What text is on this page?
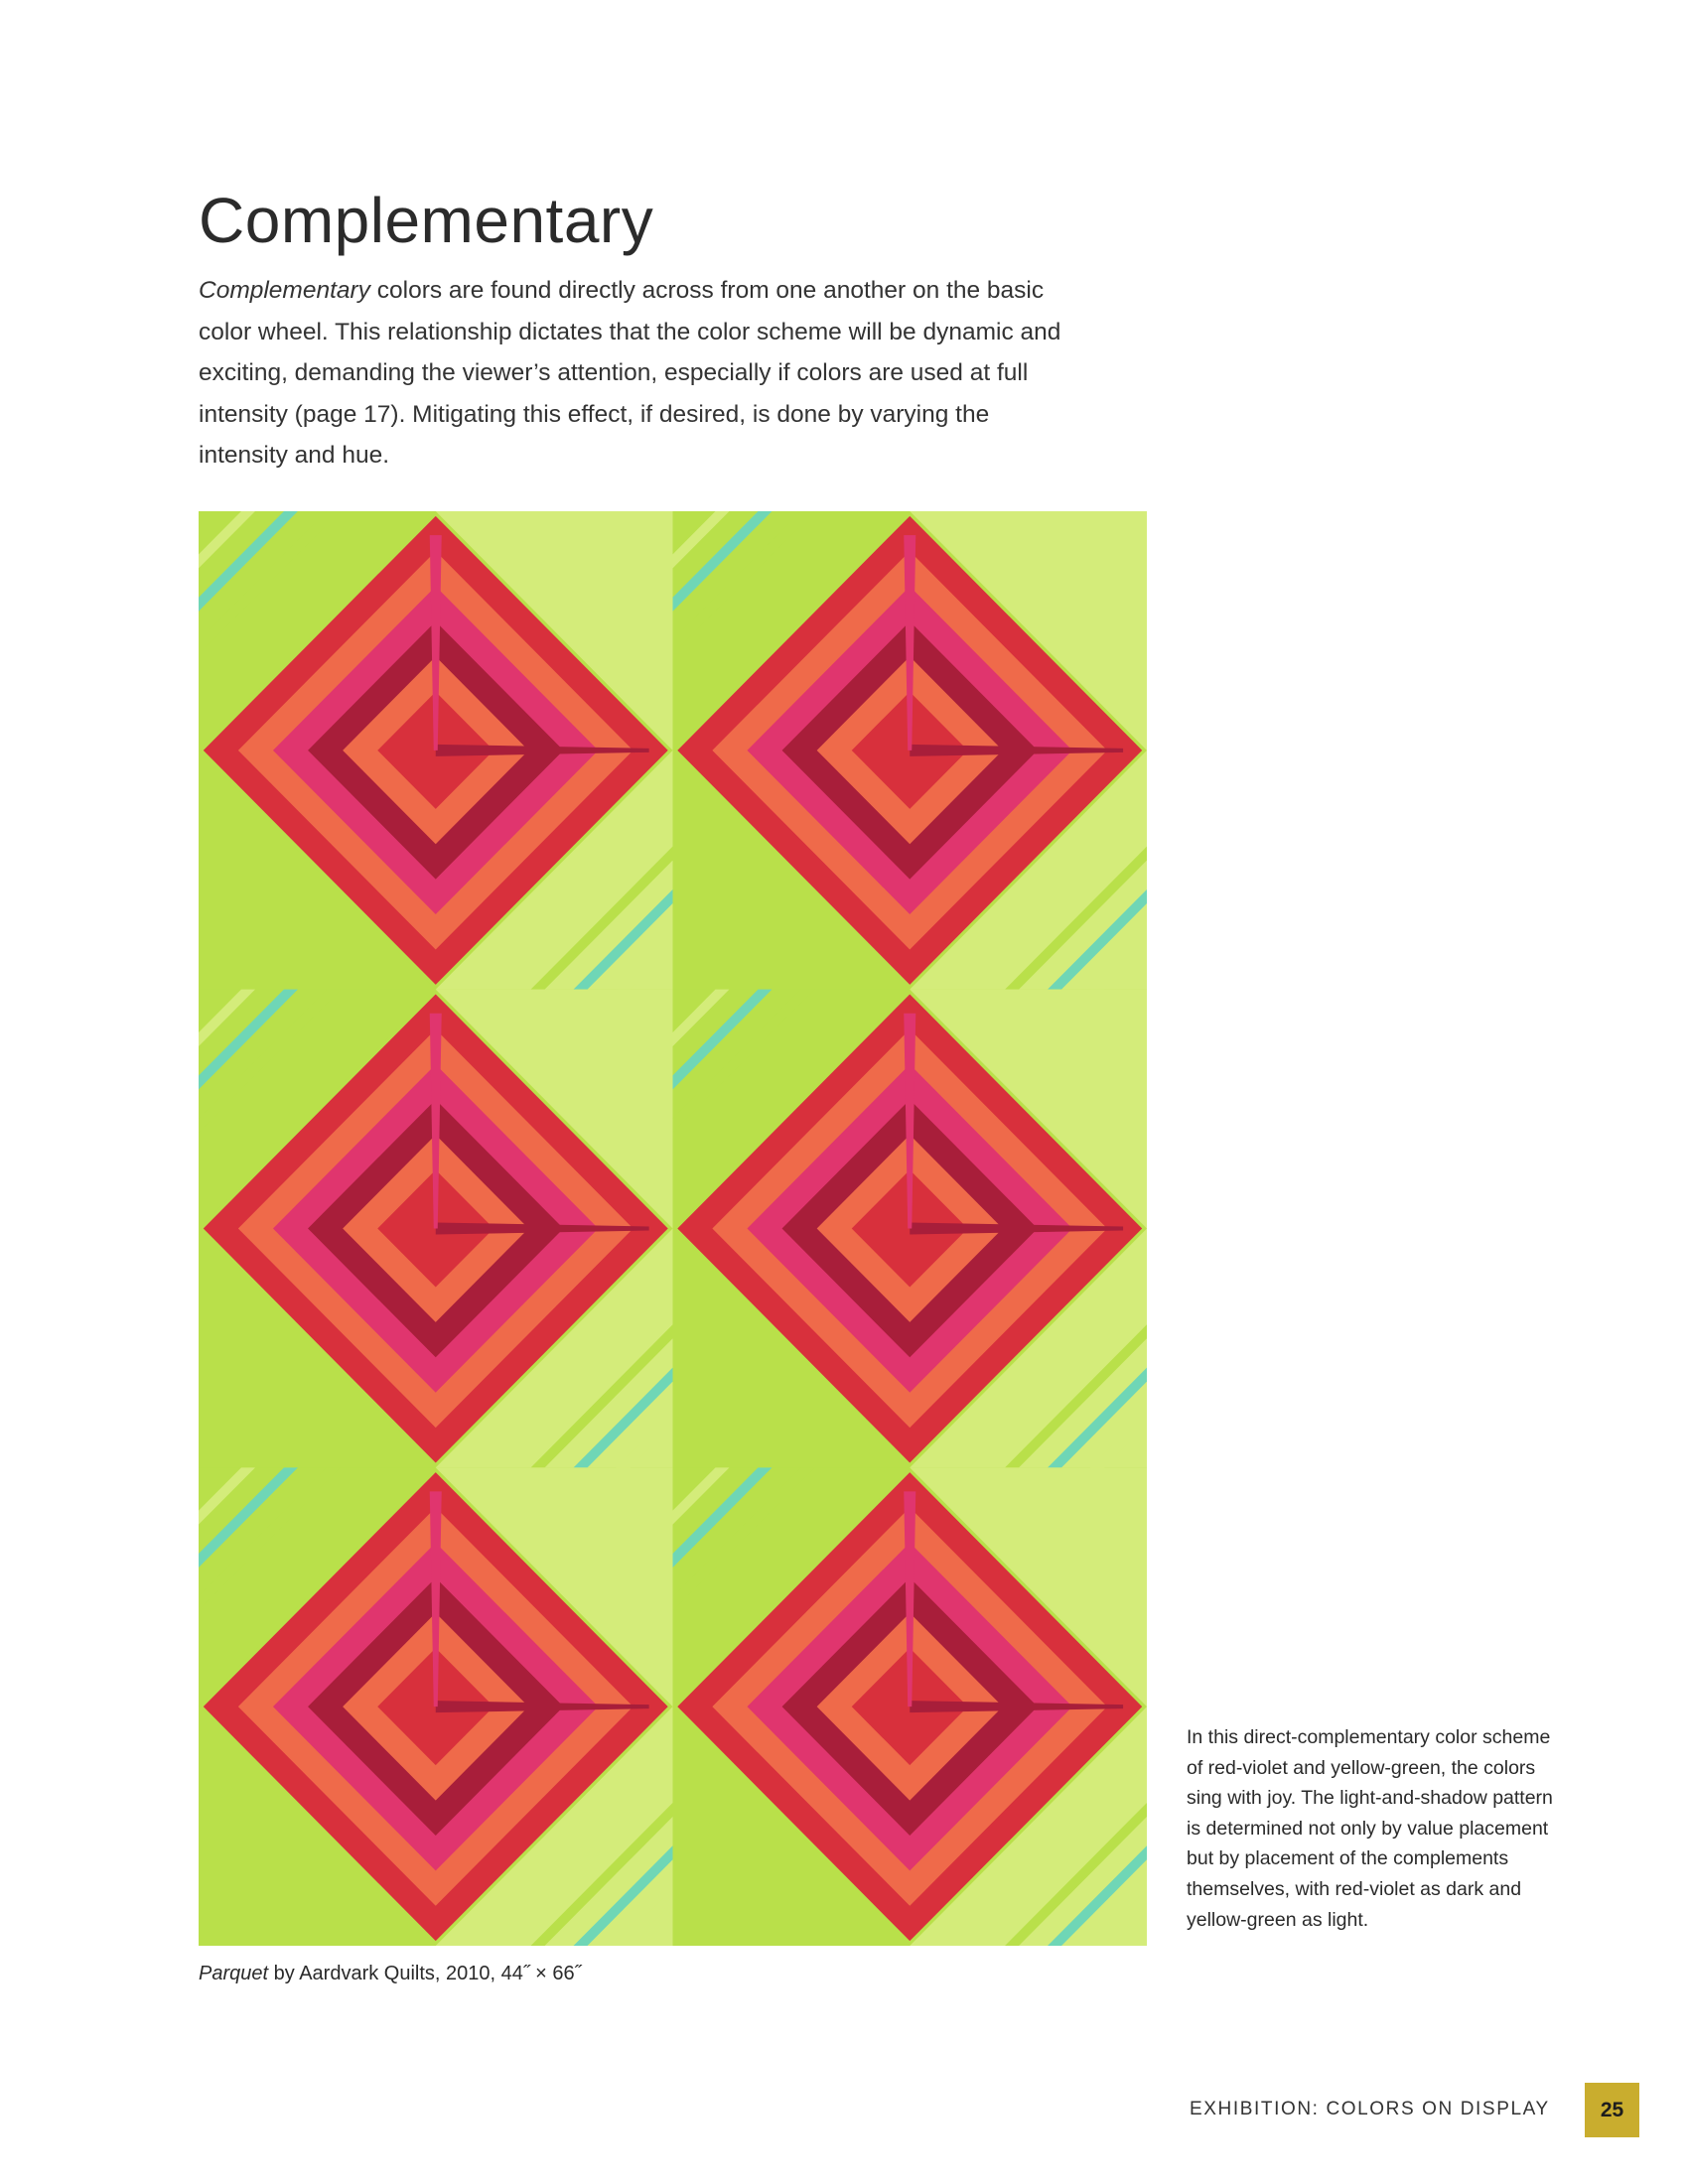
Complementary

Complementary colors are found directly across from one another on the basic color wheel. This relationship dictates that the color scheme will be dynamic and exciting, demanding the viewer’s attention, especially if colors are used at full intensity (page 17). Mitigating this effect, if desired, is done by varying the intensity and hue.

Parquet by Aardvark Quilts, 2010, 44˝ × 66˝

In this direct-complementary color scheme of red-violet and yellow-green, the colors sing with joy. The light-and-shadow pattern is determined not only by value placement but by placement of the complements themselves, with red-violet as dark and yellow-green as light.

EXHIBITION: COLORS ON DISPLAY	25
